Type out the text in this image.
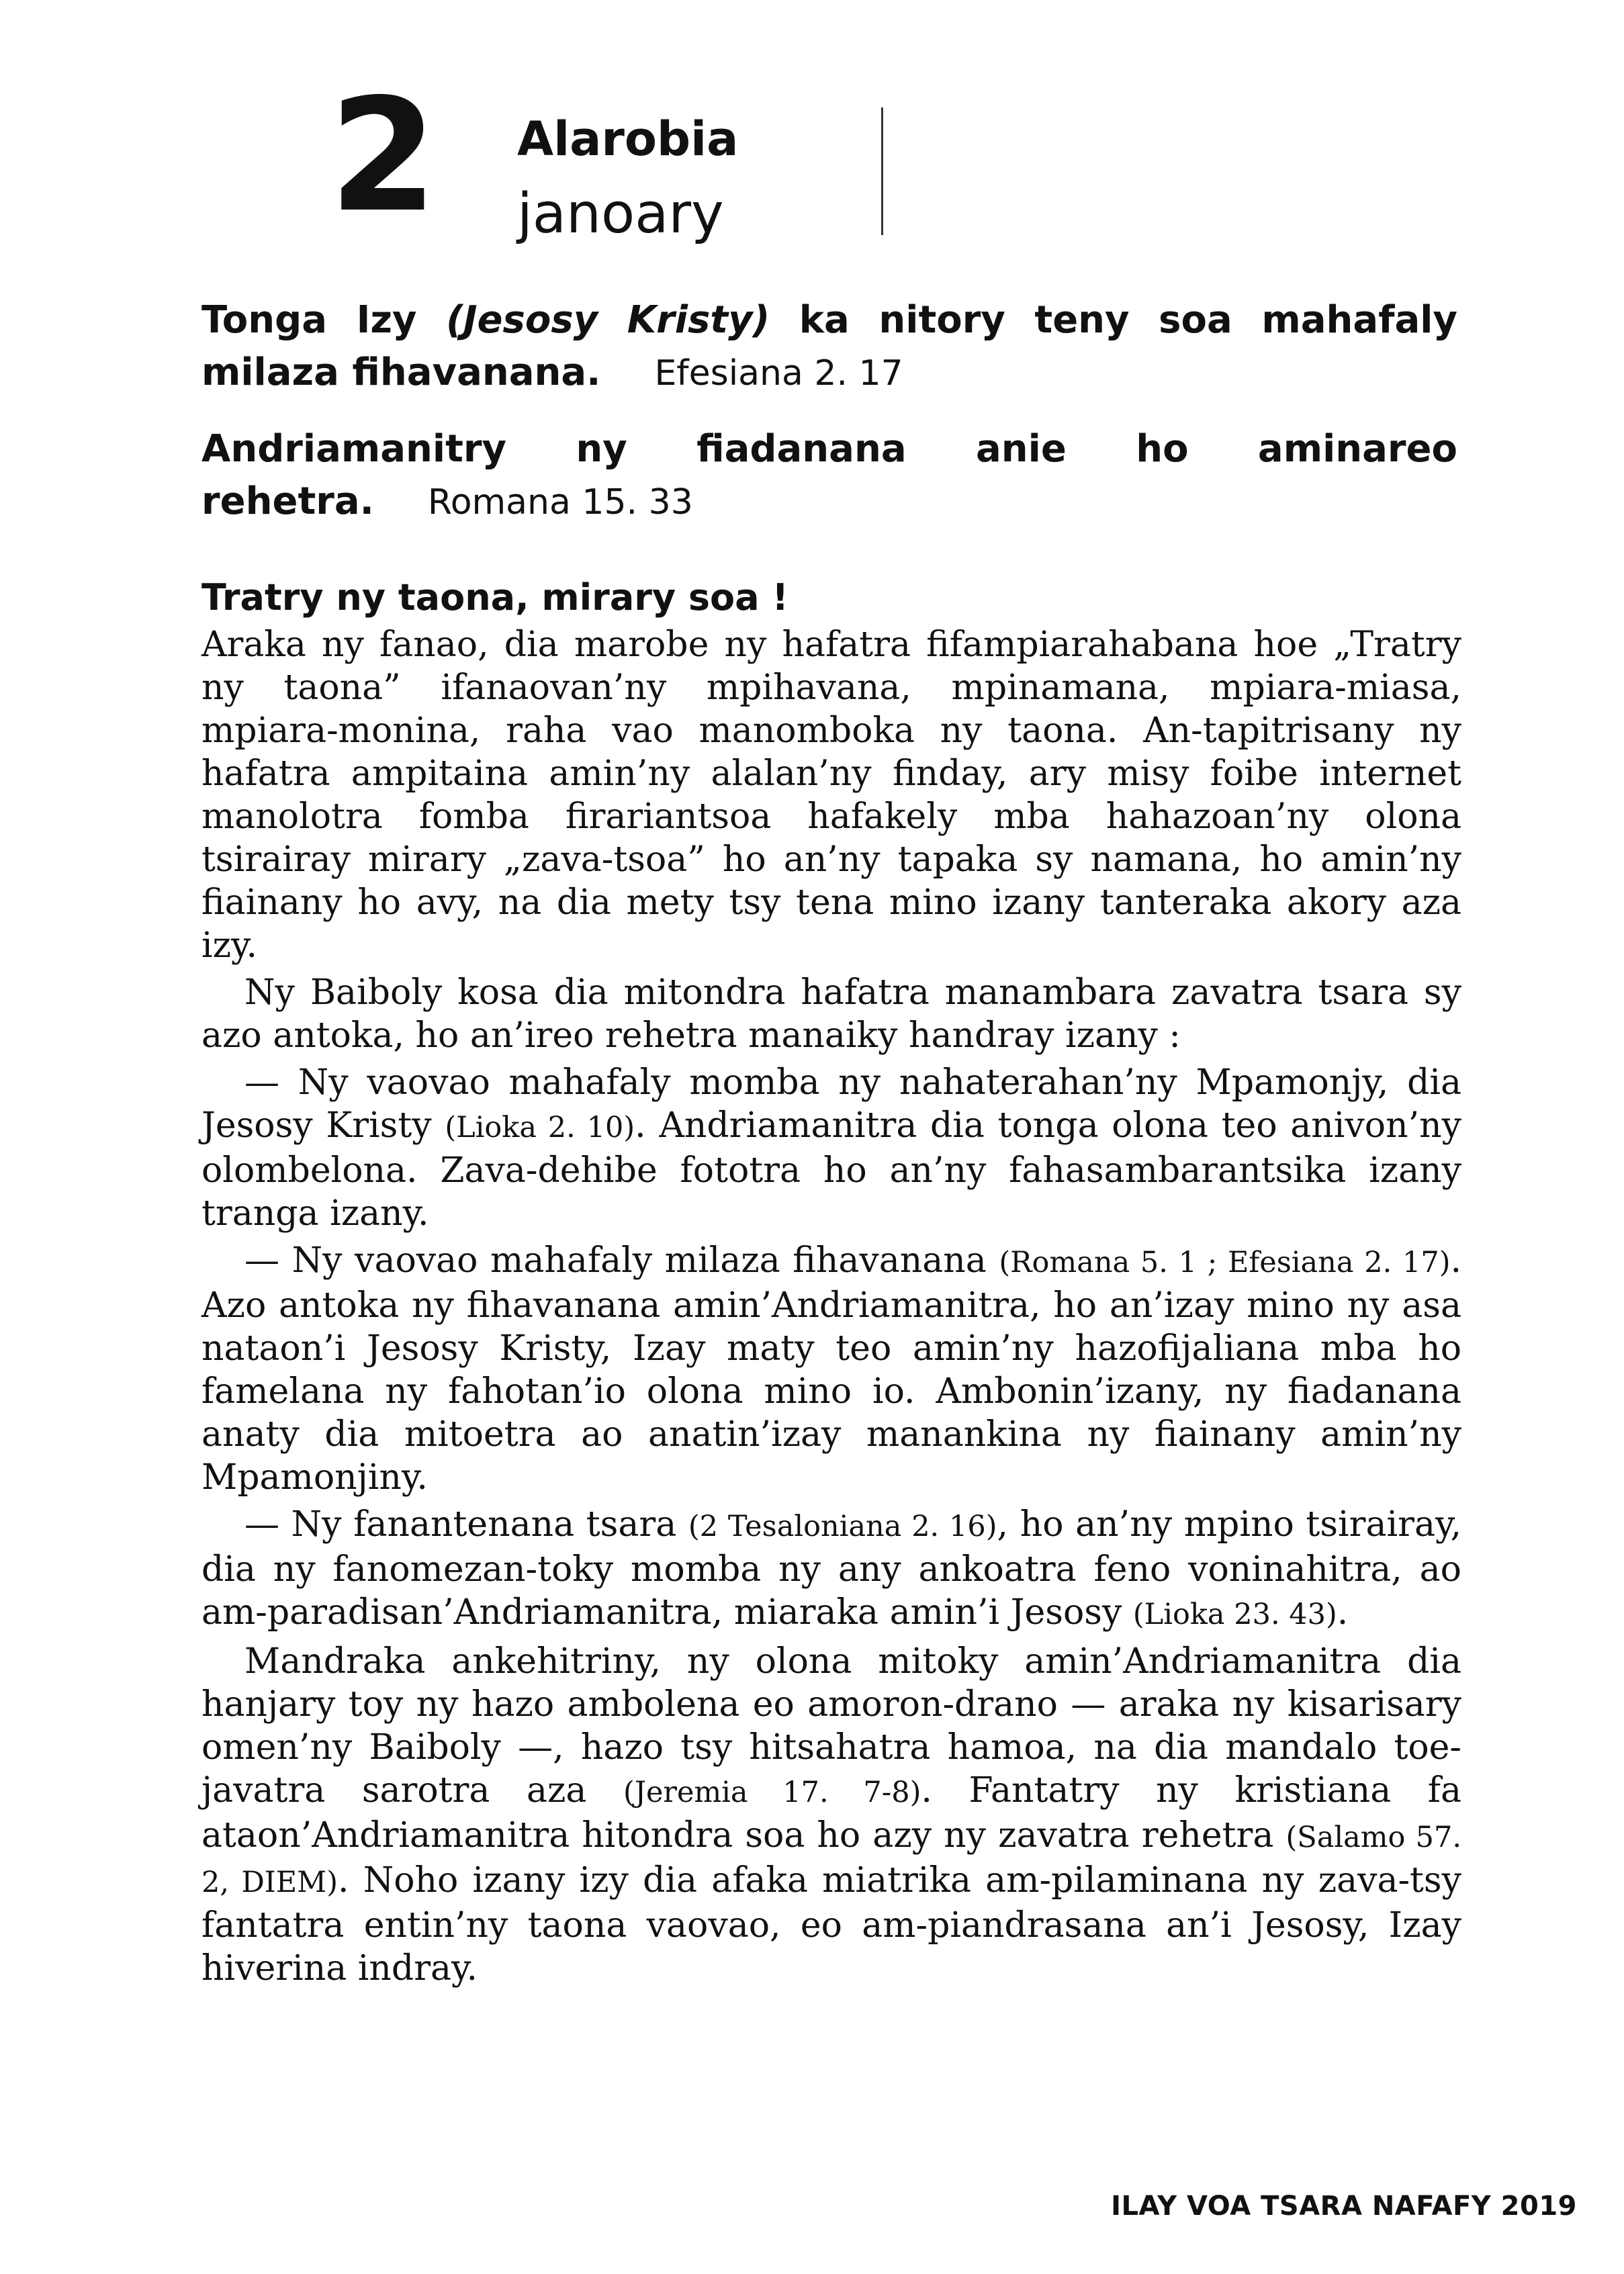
2 Alarobia
janoary
Tonga Izy (Jesosy Kristy) ka nitory teny soa mahafaly milaza fihavanana. Efesiana 2. 17
Andriamanitry ny fiadanana anie ho aminareo rehetra. Romana 15. 33
Tratry ny taona, mirary soa !

Araka ny fanao, dia marobe ny hafatra fifampiarahabana hoe „Tratry ny taona” ifanaovan’ny mpihavana, mpinamana, mpiara-miasa, mpiara-monina, raha vao manomboka ny taona. An-tapitrisany ny hafatra ampitaina amin’ny alalan’ny finday, ary misy foibe internet manolotra fomba firariantsoa hafakely mba hahazoan’ny olona tsirairay mirary „zava-tsoa” ho an’ny tapaka sy namana, ho amin’ny fiainany ho avy, na dia mety tsy tena mino izany tanteraka akory aza izy.

Ny Baiboly kosa dia mitondra hafatra manambara zavatra tsara sy azo antoka, ho an’ireo rehetra manaiky handray izany :

— Ny vaovao mahafaly momba ny nahaterahan’ny Mpamonjy, dia Jesosy Kristy (Lioka 2. 10). Andriamanitra dia tonga olona teo anivon’ny olombelona. Zava-dehibe fototra ho an’ny fahasambarantsika izany tranga izany.

— Ny vaovao mahafaly milaza fihavanana (Romana 5. 1 ; Efesiana 2. 17). Azo antoka ny fihavanana amin’Andriamanitra, ho an’izay mino ny asa nataon’i Jesosy Kristy, Izay maty teo amin’ny hazofijaliana mba ho famelana ny fahotan’io olona mino io. Ambonin’izany, ny fiadanana anaty dia mitoetra ao anatin’izay manankina ny fiainany amin’ny Mpamonjiny.

— Ny fanantenana tsara (2 Tesaloniana 2. 16), ho an’ny mpino tsirairay, dia ny fanomezan-toky momba ny any ankoatra feno voninahitra, ao am-paradisan’Andriamanitra, miaraka amin’i Jesosy (Lioka 23. 43).

Mandraka ankehitriny, ny olona mitoky amin’Andriamanitra dia hanjary toy ny hazo ambolena eo amoron-drano — araka ny kisarisary omen’ny Baiboly —, hazo tsy hitsahatra hamoa, na dia mandalo toe-javatra sarotra aza (Jeremia 17. 7-8). Fantatry ny kristiana fa ataon’Andriamanitra hitondra soa ho azy ny zavatra rehetra (Salamo 57. 2, DIEM). Noho izany izy dia afaka miatrika am-pilaminana ny zava-tsy fantatra entin’ny taona vaovao, eo am-piandrasana an’i Jesosy, Izay hiverina indray.

ILAY VOA TSARA NAFAFY 2019
